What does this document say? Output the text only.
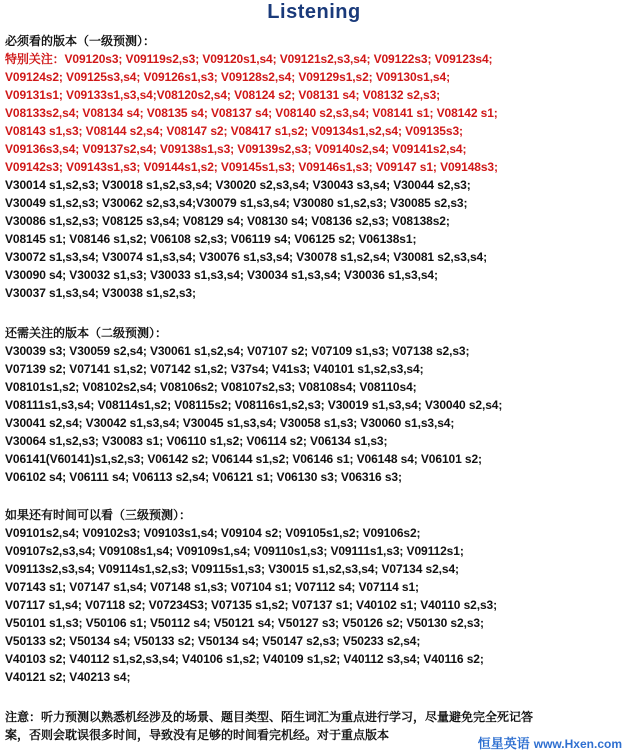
Listening
必须看的版本（一级预测）：
特别关注：V09120s3; V09119s2,s3; V09120s1,s4; V09121s2,s3,s4; V09122s3; V09123s4;
V09124s2; V09125s3,s4; V09126s1,s3; V09128s2,s4; V09129s1,s2; V09130s1,s4;
V09131s1; V09133s1,s3,s4;V08120s2,s4; V08124 s2; V08131 s4; V08132 s2,s3;
V08133s2,s4; V08134 s4; V08135 s4; V08137 s4; V08140 s2,s3,s4; V08141 s1; V08142 s1;
V08143 s1,s3; V08144 s2,s4; V08147 s2; V08417 s1,s2; V09134s1,s2,s4; V09135s3;
V09136s3,s4; V09137s2,s4; V09138s1,s3; V09139s2,s3; V09140s2,s4; V09141s2,s4;
V09142s3; V09143s1,s3; V09144s1,s2; V09145s1,s3; V09146s1,s3; V09147 s1; V09148s3;
V30014 s1,s2,s3; V30018 s1,s2,s3,s4; V30020 s2,s3,s4; V30043 s3,s4; V30044 s2,s3;
V30049 s1,s2,s3; V30062 s2,s3,s4;V30079 s1,s3,s4; V30080 s1,s2,s3; V30085 s2,s3;
V30086 s1,s2,s3; V08125 s3,s4; V08129 s4; V08130 s4; V08136 s2,s3; V08138s2;
V08145 s1; V08146 s1,s2; V06108 s2,s3; V06119 s4; V06125 s2; V06138s1;
V30072 s1,s3,s4; V30074 s1,s3,s4; V30076 s1,s3,s4; V30078 s1,s2,s4; V30081 s2,s3,s4;
V30090 s4; V30032 s1,s3; V30033 s1,s3,s4; V30034 s1,s3,s4; V30036 s1,s3,s4;
V30037 s1,s3,s4; V30038 s1,s2,s3;
还需关注的版本（二级预测）：
V30039 s3; V30059 s2,s4; V30061 s1,s2,s4; V07107 s2; V07109 s1,s3; V07138 s2,s3;
V07139 s2; V07141 s1,s2; V07142 s1,s2; V37s4; V41s3; V40101 s1,s2,s3,s4;
V08101s1,s2; V08102s2,s4; V08106s2; V08107s2,s3; V08108s4; V08110s4;
V08111s1,s3,s4; V08114s1,s2; V08115s2; V08116s1,s2,s3; V30019 s1,s3,s4; V30040 s2,s4;
V30041 s2,s4; V30042 s1,s3,s4; V30045 s1,s3,s4; V30058 s1,s3; V30060 s1,s3,s4;
V30064 s1,s2,s3; V30083 s1; V06110 s1,s2; V06114 s2; V06134 s1,s3;
V06141(V60141)s1,s2,s3; V06142 s2; V06144 s1,s2; V06146 s1; V06148 s4; V06101 s2;
V06102 s4; V06111 s4; V06113 s2,s4; V06121 s1; V06130 s3; V06316 s3;
如果还有时间可以看（三级预测）：
V09101s2,s4; V09102s3; V09103s1,s4; V09104 s2; V09105s1,s2; V09106s2;
V09107s2,s3,s4; V09108s1,s4; V09109s1,s4; V09110s1,s3; V09111s1,s3; V09112s1;
V09113s2,s3,s4; V09114s1,s2,s3; V09115s1,s3; V30015 s1,s2,s3,s4; V07134 s2,s4;
V07143 s1; V07147 s1,s4; V07148 s1,s3; V07104 s1; V07112 s4; V07114 s1;
V07117 s1,s4; V07118 s2; V07234S3; V07135 s1,s2; V07137 s1; V40102 s1; V40110 s2,s3;
V50101 s1,s3; V50106 s1; V50112 s4; V50121 s4; V50127 s3; V50126 s2; V50130 s2,s3;
V50133 s2; V50134 s4; V50133 s2; V50134 s4; V50147 s2,s3; V50233 s2,s4;
V40103 s2; V40112 s1,s2,s3,s4; V40106 s1,s2; V40109 s1,s2; V40112 s3,s4; V40116 s2;
V40121 s2; V40213 s4;
注意：听力预测以熟悉机经涉及的场景、题目类型、陌生词汇为重点进行学习，尽量避免完全死记答
案，否则会耽误很多时间，导致没有足够的时间看完机经。对于重点版本
恒星英语 www.Hxen.com
